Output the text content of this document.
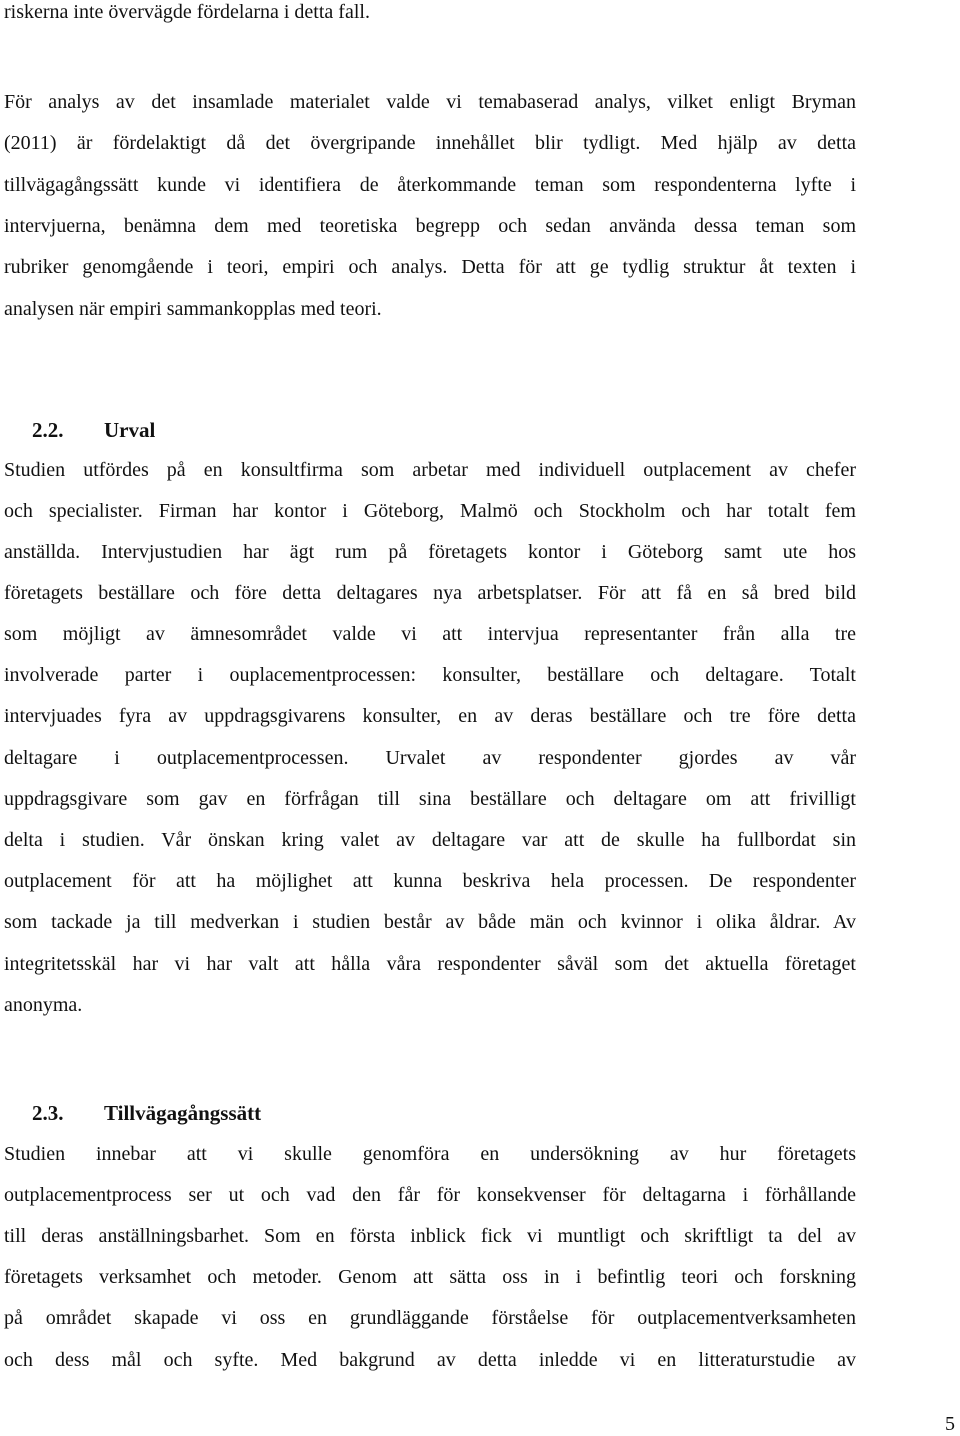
riskerna inte övervägde fördelarna i detta fall.
För analys av det insamlade materialet valde vi temabaserad analys, vilket enligt Bryman
(2011) är fördelaktigt då det övergripande innehållet blir tydligt. Med hjälp av detta
tillvägagångssätt kunde vi identifiera de återkommande teman som respondenterna lyfte i
intervjuerna, benämna dem med teoretiska begrepp och sedan använda dessa teman som
rubriker genomgående i teori, empiri och analys. Detta för att ge tydlig struktur åt texten i
analysen när empiri sammankopplas med teori.
2.2. Urval
Studien utfördes på en konsultfirma som arbetar med individuell outplacement av chefer
och specialister. Firman har kontor i Göteborg, Malmö och Stockholm och har totalt fem
anställda. Intervjustudien har ägt rum på företagets kontor i Göteborg samt ute hos
företagets beställare och före detta deltagares nya arbetsplatser. För att få en så bred bild
som möjligt av ämnesområdet valde vi att intervjua representanter från alla tre
involverade parter i ouplacementprocessen: konsulter, beställare och deltagare. Totalt
intervjuades fyra av uppdragsgivarens konsulter, en av deras beställare och tre före detta
deltagare i outplacementprocessen. Urvalet av respondenter gjordes av vår
uppdragsgivare som gav en förfrågan till sina beställare och deltagare om att frivilligt
delta i studien. Vår önskan kring valet av deltagare var att de skulle ha fullbordat sin
outplacement för att ha möjlighet att kunna beskriva hela processen. De respondenter
som tackade ja till medverkan i studien består av både män och kvinnor i olika åldrar. Av
integritetsskäl har vi har valt att hålla våra respondenter såväl som det aktuella företaget
anonyma.
2.3. Tillvägagångssätt
Studien innebar att vi skulle genomföra en undersökning av hur företagets
outplacementprocess ser ut och vad den får för konsekvenser för deltagarna i förhållande
till deras anställningsbarhet. Som en första inblick fick vi muntligt och skriftligt ta del av
företagets verksamhet och metoder. Genom att sätta oss in i befintlig teori och forskning
på området skapade vi oss en grundläggande förståelse för outplacementverksamheten
och dess mål och syfte. Med bakgrund av detta inledde vi en litteraturstudie av
5
